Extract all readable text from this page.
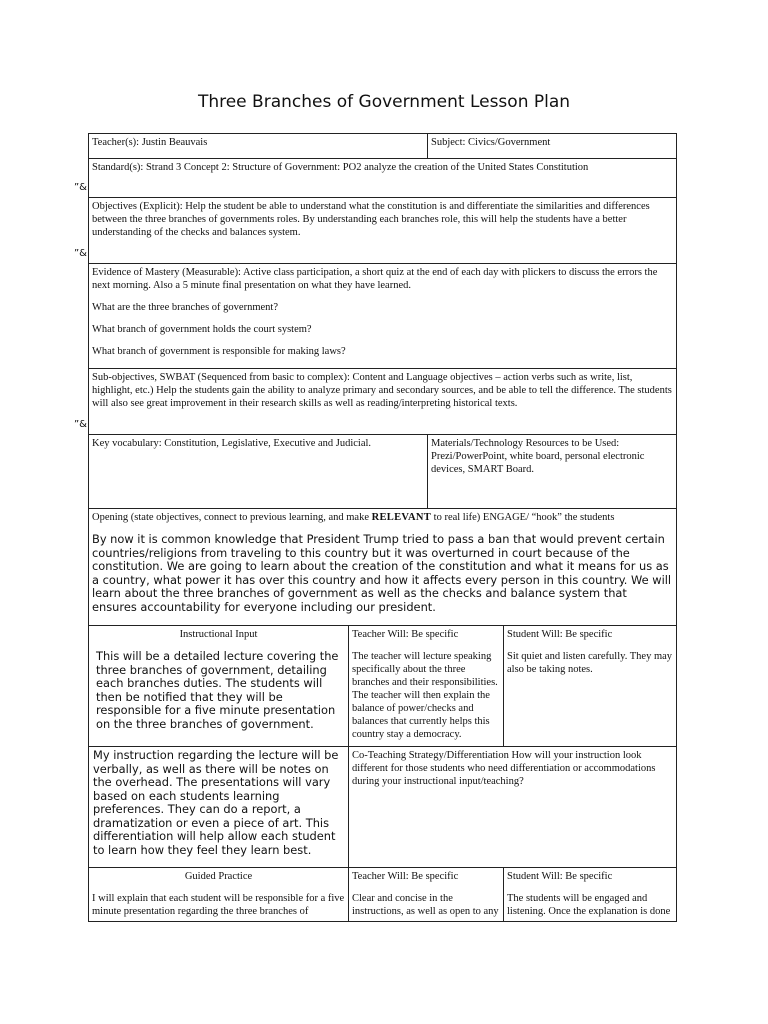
Three Branches of Government Lesson Plan
Teacher(s): Justin Beauvais	Subject: Civics/Government
Standard(s): Strand 3 Concept 2: Structure of Government: PO2 analyze the creation of the United States Constitution
”&
Objectives (Explicit): Help the student be able to understand what the constitution is and differentiate the similarities and differences between the three branches of governments roles. By understanding each branches role, this will help the students have a better understanding of the checks and balances system.
”&

Evidence of Mastery (Measurable): Active class participation, a short quiz at the end of each day with plickers to discuss the errors the next morning. Also a 5 minute final presentation on what they have learned.

What are the three branches of government?

What branch of government holds the court system?

What branch of government is responsible for making laws?

Sub-objectives, SWBAT (Sequenced from basic to complex): Content and Language objectives – action verbs such as write, list, highlight, etc.) Help the students gain the ability to analyze primary and secondary sources, and be able to tell the difference. The students will also see great improvement in their research skills as well as reading/interpreting historical texts.
”&
Key vocabulary: Constitution, Legislative, Executive and Judicial.	Materials/Technology Resources to be Used: Prezi/PowerPoint, white board, personal electronic devices, SMART Board.

Opening (state objectives, connect to previous learning, and make RELEVANT to real life) ENGAGE/ “hook” the students

By now it is common knowledge that President Trump tried to pass a ban that would prevent certain countries/religions from traveling to this country but it was overturned in court because of the constitution. We are going to learn about the creation of the constitution and what it means for us as a country, what power it has over this country and how it affects every person in this country. We will learn about the three branches of government as well as the checks and balance system that ensures accountability for everyone including our president.

Instructional Input

This will be a detailed lecture covering the three branches of government, detailing each branches duties. The students will then be notified that they will be responsible for a five minute presentation on the three branches of government.

Teacher Will: Be specific

The teacher will lecture speaking specifically about the three branches and their responsibilities. The teacher will then explain the balance of power/checks and balances that currently helps this country stay a democracy.

Student Will: Be specific

Sit quiet and listen carefully. They may also be taking notes.

My instruction regarding the lecture will be verbally, as well as there will be notes on the overhead. The presentations will vary based on each students learning preferences. They can do a report, a dramatization or even a piece of art. This differentiation will help allow each student to learn how they feel they learn best.

Co-Teaching Strategy/Differentiation How will your instruction look different for those students who need differentiation or accommodations during your instructional input/teaching?

Guided Practice

I will explain that each student will be responsible for a five minute presentation regarding the three branches of

Teacher Will: Be specific

Clear and concise in the instructions, as well as open to any

Student Will: Be specific

The students will be engaged and listening. Once the explanation is done
